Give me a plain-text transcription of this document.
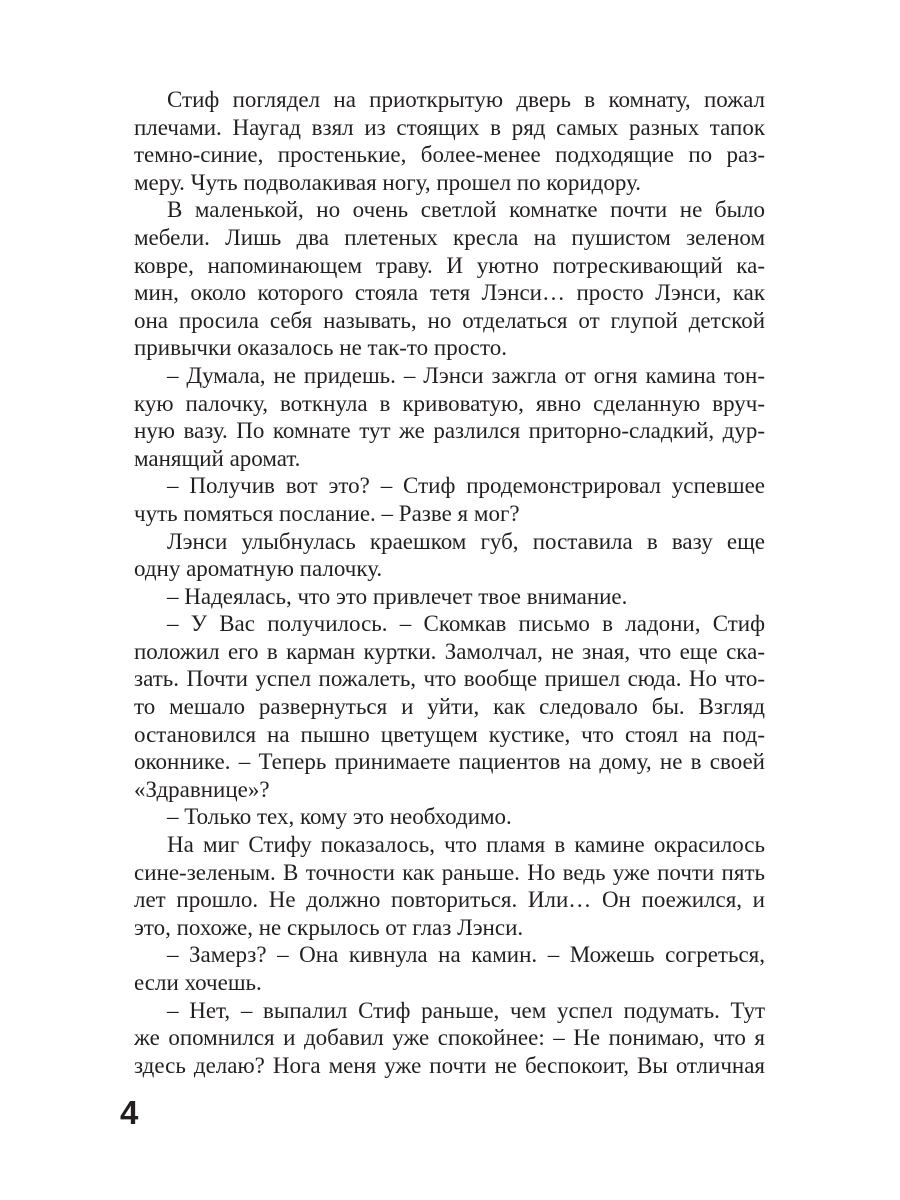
Стиф поглядел на приоткрытую дверь в комнату, пожал
плечами. Наугад взял из стоящих в ряд самых разных тапок
темно-синие, простенькие, более-менее подходящие по раз-
меру. Чуть подволакивая ногу, прошел по коридору.
В маленькой, но очень светлой комнатке почти не было
мебели. Лишь два плетеных кресла на пушистом зеленом
ковре, напоминающем траву. И уютно потрескивающий ка-
мин, около которого стояла тетя Лэнси… просто Лэнси, как
она просила себя называть, но отделаться от глупой детской
привычки оказалось не так-то просто.
– Думала, не придешь. – Лэнси зажгла от огня камина тон-
кую палочку, воткнула в кривоватую, явно сделанную вруч-
ную вазу. По комнате тут же разлился приторно-сладкий, дур-
манящий аромат.
– Получив вот это? – Стиф продемонстрировал успевшее
чуть помяться послание. – Разве я мог?
Лэнси улыбнулась краешком губ, поставила в вазу еще
одну ароматную палочку.
– Надеялась, что это привлечет твое внимание.
– У Вас получилось. – Скомкав письмо в ладони, Стиф
положил его в карман куртки. Замолчал, не зная, что еще ска-
зать. Почти успел пожалеть, что вообще пришел сюда. Но что-
то мешало развернуться и уйти, как следовало бы. Взгляд
остановился на пышно цветущем кустике, что стоял на под-
оконнике. – Теперь принимаете пациентов на дому, не в своей
«Здравнице»?
– Только тех, кому это необходимо.
На миг Стифу показалось, что пламя в камине окрасилось
сине-зеленым. В точности как раньше. Но ведь уже почти пять
лет прошло. Не должно повториться. Или… Он поежился, и
это, похоже, не скрылось от глаз Лэнси.
– Замерз? – Она кивнула на камин. – Можешь согреться,
если хочешь.
– Нет, – выпалил Стиф раньше, чем успел подумать. Тут
же опомнился и добавил уже спокойнее: – Не понимаю, что я
здесь делаю? Нога меня уже почти не беспокоит, Вы отличная
4
